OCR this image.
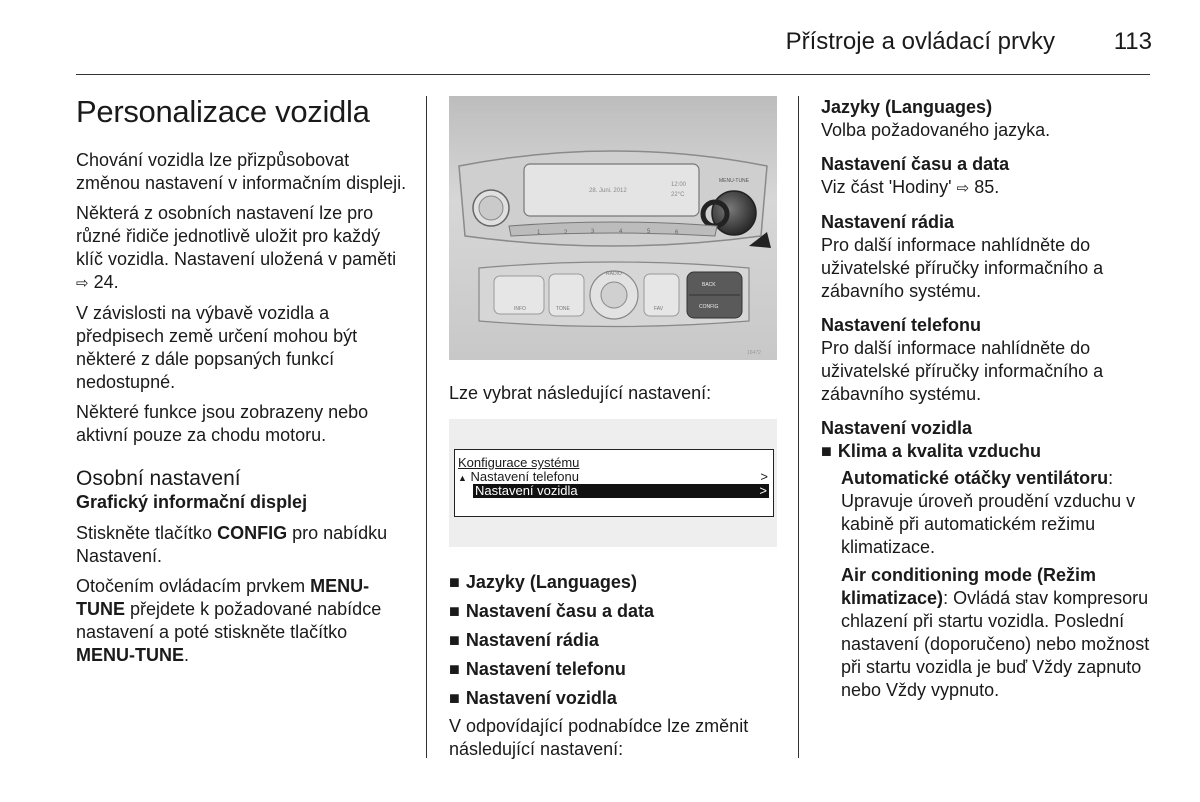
Přístroje a ovládací prvky 113
Personalizace vozidla

Chování vozidla lze přizpůsobovat změnou nastavení v informačním displeji.

Některá z osobních nastavení lze pro různé řidiče jednotlivě uložit pro každý klíč vozidla. Nastavení uložená v paměti ⇨ 24.

V závislosti na výbavě vozidla a předpisech země určení mohou být některé z dále popsaných funkcí nedostupné.

Některé funkce jsou zobrazeny nebo aktivní pouze za chodu motoru.

Osobní nastavení
Grafický informační displej

Stiskněte tlačítko CONFIG pro nabídku Nastavení.

Otočením ovládacím prvkem MENU-TUNE přejdete k požadované nabídce nastavení a poté stiskněte tlačítko MENU-TUNE.

28. Juni. 2012
12:00
22°C
MENU-TUNE
1	2	3	4	5	6
INFO	TONE
RADIO
FAV
BACK
CONFIG
16472

Lze vybrat následující nastavení:

Konfigurace systému
▲ Nastavení telefonu	>
Nastavení vozidla	>
■ Jazyky (Languages)
■ Nastavení času a data
■ Nastavení rádia
■ Nastavení telefonu
■ Nastavení vozidla

V odpovídající podnabídce lze změnit následující nastavení:

Jazyky (Languages)
Volba požadovaného jazyka.
Nastavení času a data
Viz část 'Hodiny' ⇨ 85.
Nastavení rádia
Pro další informace nahlídněte do uživatelské příručky informačního a zábavního systému.
Nastavení telefonu
Pro další informace nahlídněte do uživatelské příručky informačního a zábavního systému.
Nastavení vozidla
■ Klima a kvalita vzduchu
Automatické otáčky ventilátoru: Upravuje úroveň proudění vzduchu v kabině při automatickém režimu klimatizace.
Air conditioning mode (Režim klimatizace): Ovládá stav kompresoru chlazení při startu vozidla. Poslední nastavení (doporučeno) nebo možnost při startu vozidla je buď Vždy zapnuto nebo Vždy vypnuto.
